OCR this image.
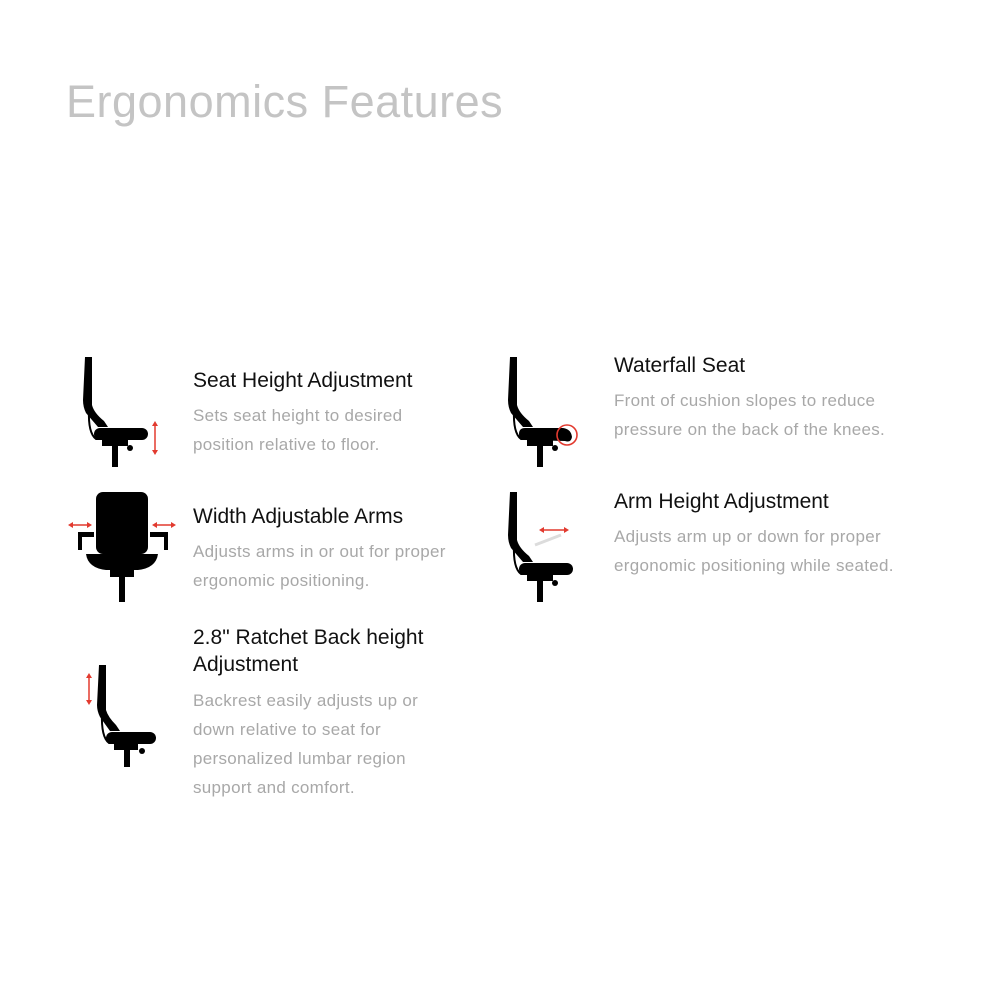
Ergonomics Features
Seat Height Adjustment
Sets seat height to desired position relative to floor.
Waterfall Seat
Front of cushion slopes to reduce pressure on the back of the knees.
Width Adjustable Arms
Adjusts arms in or out for proper ergonomic positioning.
Arm Height Adjustment
Adjusts arm up or down for proper ergonomic positioning while seated.
2.8" Ratchet Back height Adjustment
Backrest easily adjusts up or down relative to seat for personalized lumbar region support and comfort.
